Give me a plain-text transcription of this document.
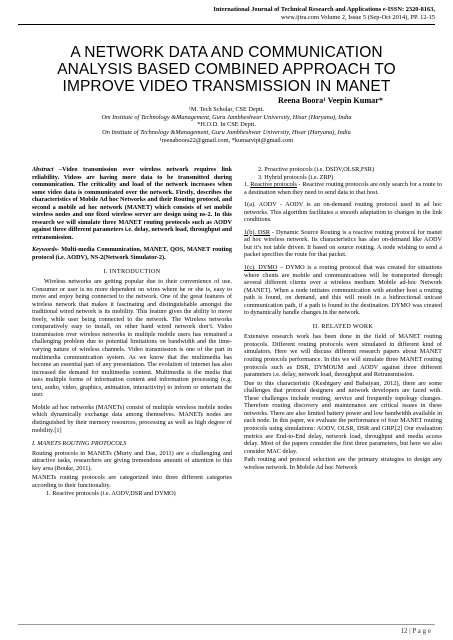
International Journal of Technical Research and Applications e-ISSN: 2320-8163,
www.ijtra.com Volume 2, Issue 5 (Sep-Oct 2014), PP. 12-15
A NETWORK DATA AND COMMUNICATION
ANALYSIS BASED COMBINED APPROACH TO
IMPROVE VIDEO TRANSMISSION IN MANET
Reena Boora¹ Veepin Kumar*
¹M. Tech Scholar, CSE Deptt.
Om Institute of Technology &Management, Guru Jambheshwar University, Hisar (Haryana), India
*H.O.D. In CSE Deptt.
On Institute of Technology &Management, Guru Jambheshwar University, Hisar (Haryana), India
¹reenaboora22@gmail.com, *kumarvipi@gmail.com

Abstract –Video transmission over wireless network requires link reliability. Videos are having more data to be transmitted during communication. The criticality and load of the network increases when some video data is communicated over the network. Firstly, describes the characteristics of Mobile Ad hoc Networks and their Routing protocol, and second a mobile ad hoc network (MANET) which consists of set mobile wireless nodes and one fixed wireless server are design using ns-2. In this research we will simulate three MANET routing protocols such as AODV against three different parameters i.e. delay, network load, throughput and retransmission.

Keywords- Multi-media Communication, MANET, QOS, MANET routing protocol (i.e. AODV), NS-2(Network Simulator-2).

I. INTRODUCTION

Wireless networks are getting popular due to their convenience of use. Consumer or user is no more dependent on wires where he or she is, easy to move and enjoy being connected to the network. One of the great features of wireless network that makes it fascinating and distinguishable amongst the traditional wired network is its mobility. This feature gives the ability to move freely, while user being connected to the network. The Wireless networks comparatively easy to install, on other hand wired network don’t. Video transmission over wireless networks to multiple mobile users has remained a challenging problem due to potential limitations on bandwidth and the time-varying nature of wireless channels. Video transmission is one of the part in multimedia communication system. As we know that the multimedia has become an essential part of any presentation. The evolution of internet has also increased the demand for multimedia content. Multimedia is the media that uses multiple forms of information content and information processing (e.g. text, audio, video, graphics, animation, interactivity) to inform or entertain the user.

Mobile ad hoc networks (MANETs) consist of multiple wireless mobile nodes which dynamically exchange data among themselves. MANETs nodes are distinguished by their memory resources, processing as well as high degree of mobility.[1]

I. MANETS ROUTING PROTOCOLS

Routing protocols in MANETs (Murty and Das, 2011) are a challenging and attractive tasks, researchers are giving tremendous amount of attention to this key area (Bouke, 2011).

MANETs routing protocols are categorized into three different categories according to their functionality.

1. Reactive protocols (i.e. AODV,DSR and DYMO)
2. Proactive protocols (i.e. DSDV,OLSR,FSR)
3. Hybrid protocols (i.e. ZRP)

1. Reactive protocols - Reactive routing protocols are only search for a route to a destination when they need to send data to that host.

1(a). AODV - AODV is an on-demand routing protocol used in ad hoc networks. This algorithm facilitates a smooth adaptation to changes in the link conditions.

1(b). DSR - Dynamic Source Routing is a reactive routing protocol for manet ad hoc wireless network. Its characteristics has also on-demand like AODV but it’s not table driven. It based on source routing. A node wishing to send a packet specifies the route for that packet.

1(c). DYMO – DYMO is a routing protocol that was created for situations where clients are mobile and communications will be transported through several different clients over a wireless medium Mobile ad-hoc Network (MANET). When a node initiates communication with another host a routing path is found, on demand, and this will result in a bidirectional unicast communication path, if a path is found to the destination. DYMO was created to dynamically handle changes in the network.

II. RELATED WORK

Extensive research work has been done in the field of MANET routing protocols. Different routing protocols were simulated in different kind of simulators. Here we will discuss different research papers about MANET routing protocols performance. In this we will simulate three MANET routing protocols such as DSR, DYMOUM and AODV against three different parameters i.e. delay, network load, throughput and Retransmission.

Due to this characteristic (Keshtgary and Babaiyan, 2012), there are some challenges that protocol designers and network developers are faced with. These challenges include routing, service and frequently topology changes. Therefore routing discovery and maintenance are critical issues in these networks. There are also limited battery power and low bandwidth available in each node. In this paper, we evaluate the performance of four MANET routing protocols using simulations: AODV, OLSR, DSR and GRP.[2] Our evaluation metrics are End-to-End delay, network load, throughput and media access delay. Most of the papers consider the first three parameters, but here we also consider MAC delay.

Path routing and protocol selection are the primary strategies to design any wireless network. In Mobile Ad hoc Network

12 | P a g e
